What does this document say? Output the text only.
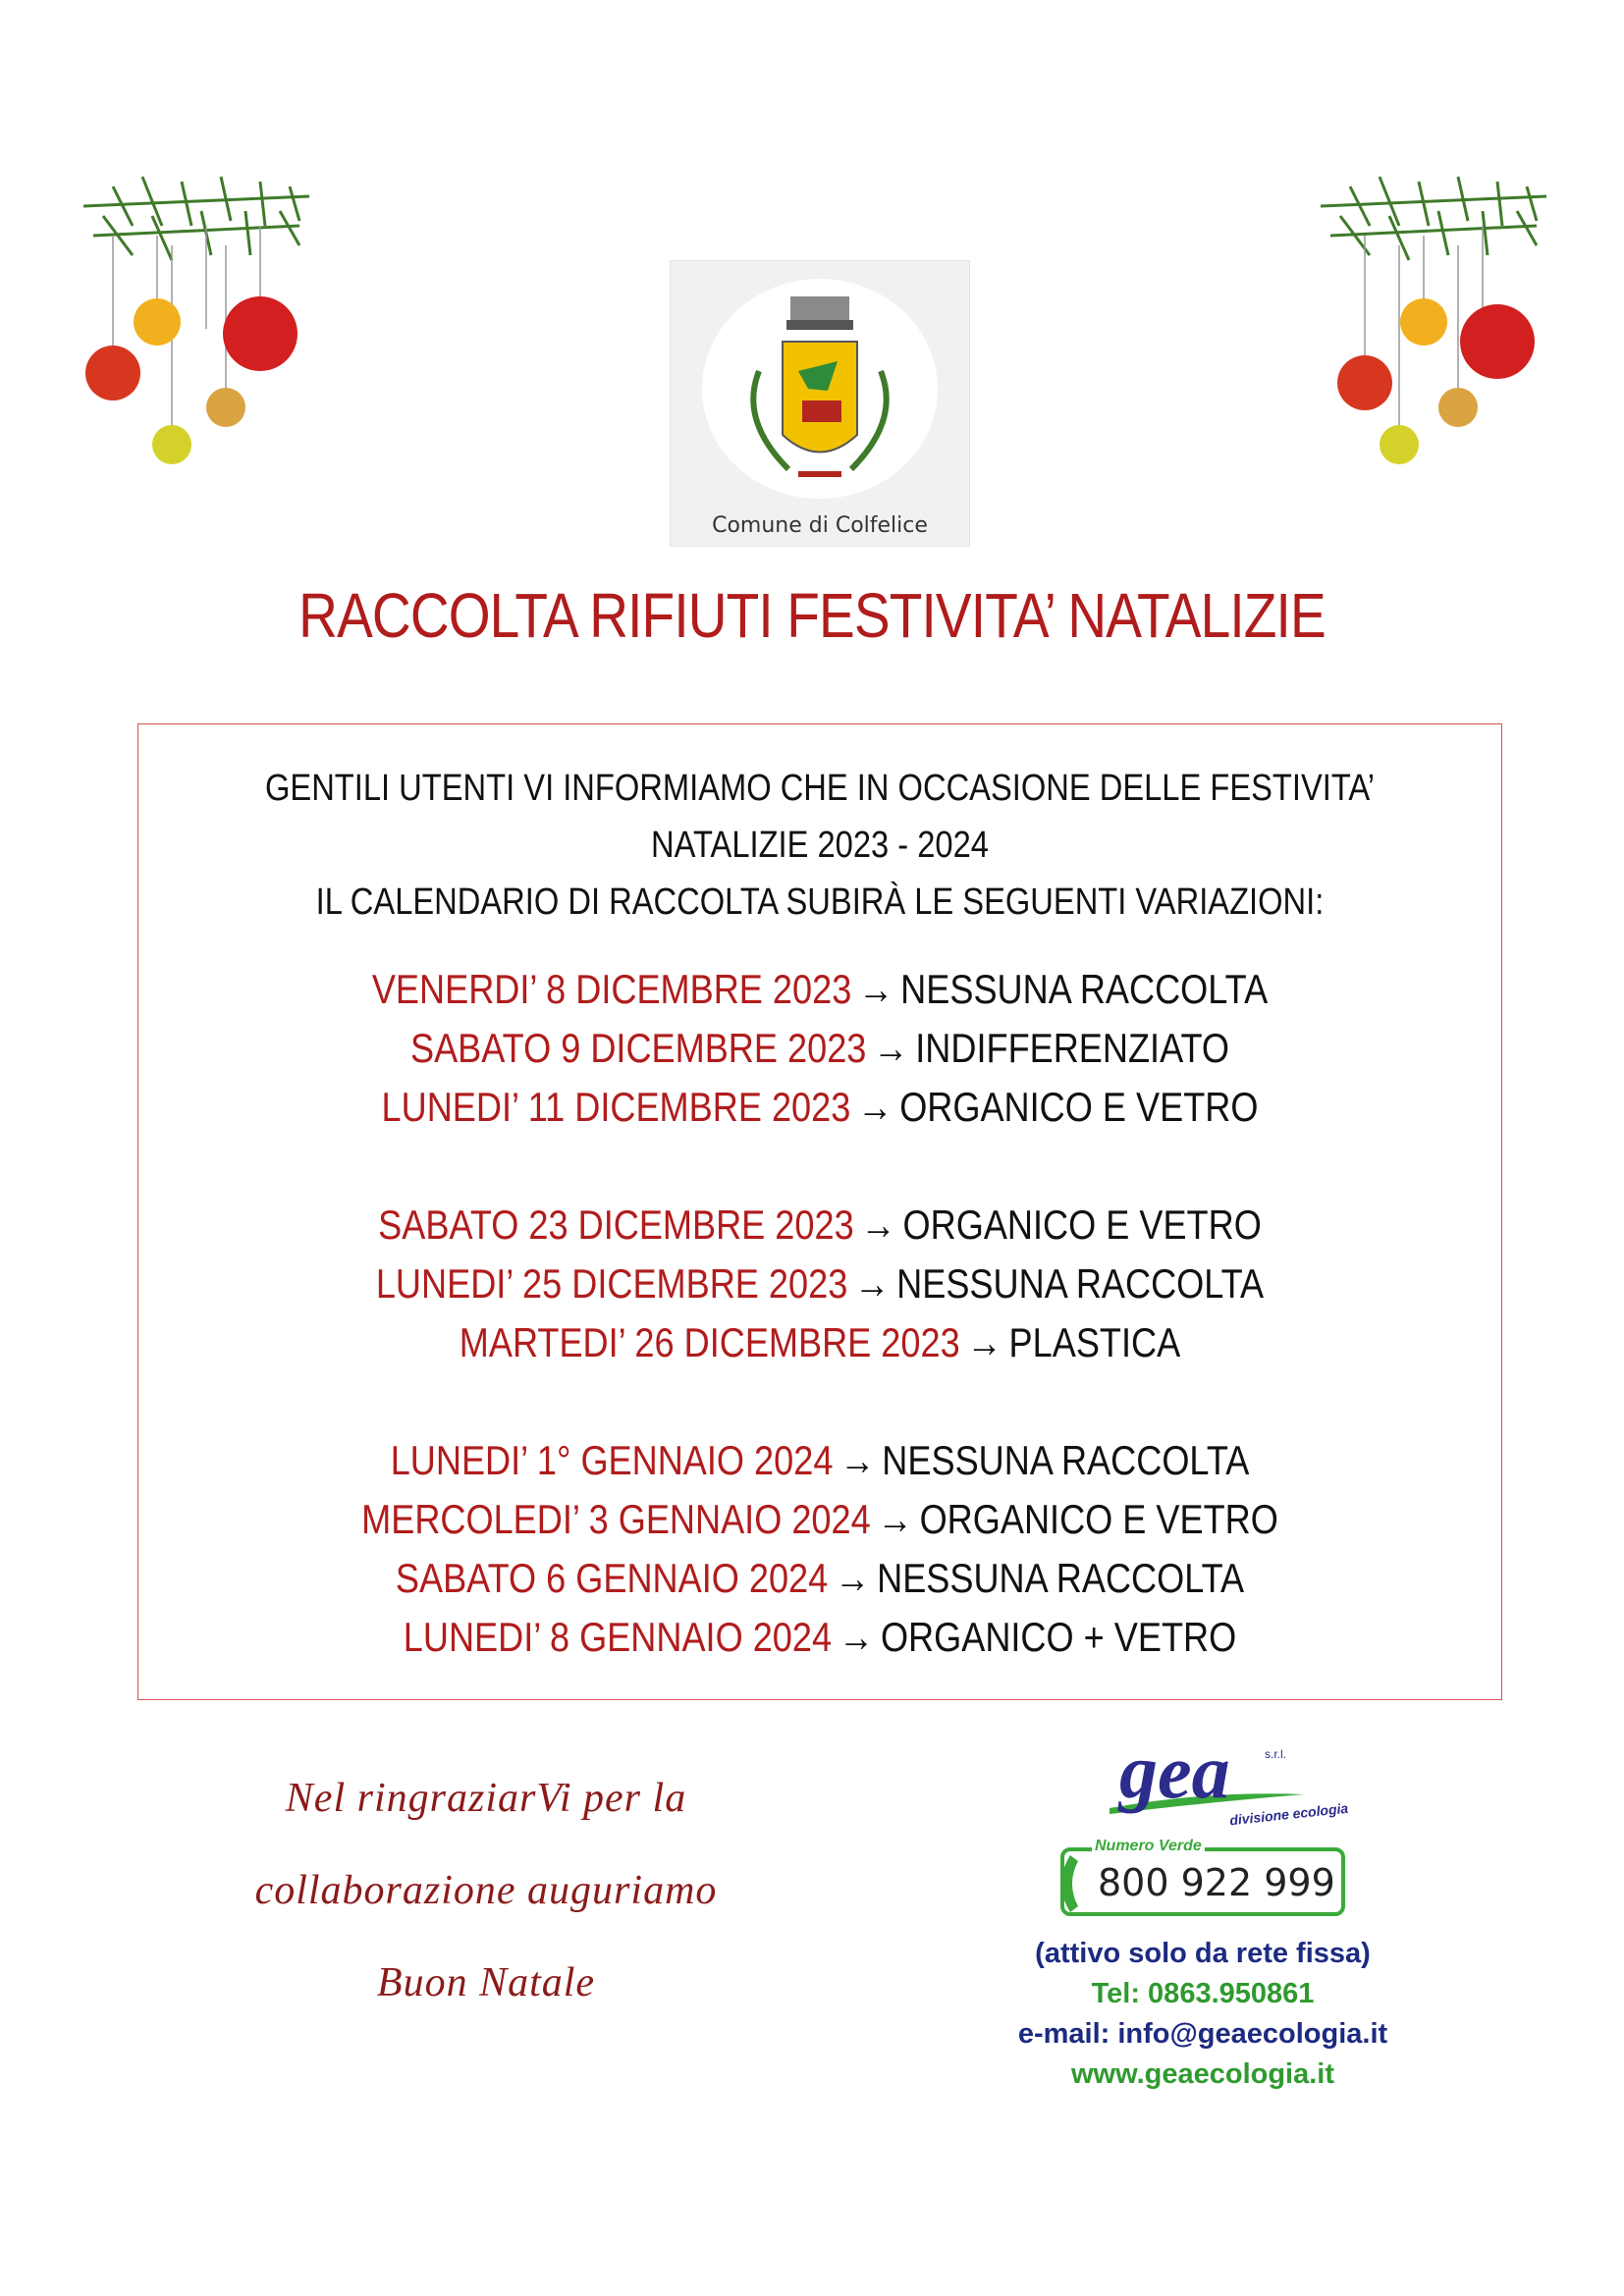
Comune di Colfelice
RACCOLTA RIFIUTI FESTIVITA’ NATALIZIE
GENTILI UTENTI VI INFORMIAMO CHE IN OCCASIONE DELLE FESTIVITA’
NATALIZIE 2023 - 2024
IL CALENDARIO DI RACCOLTA SUBIRÀ LE SEGUENTI VARIAZIONI:
VENERDI’ 8 DICEMBRE 2023 → NESSUNA RACCOLTA
SABATO 9 DICEMBRE 2023 → INDIFFERENZIATO
LUNEDI’ 11 DICEMBRE 2023 → ORGANICO E VETRO
SABATO 23 DICEMBRE 2023 → ORGANICO E VETRO
LUNEDI’ 25 DICEMBRE 2023 → NESSUNA RACCOLTA
MARTEDI’ 26 DICEMBRE 2023 → PLASTICA
LUNEDI’ 1° GENNAIO 2024 → NESSUNA RACCOLTA
MERCOLEDI’ 3 GENNAIO 2024 → ORGANICO E VETRO
SABATO 6 GENNAIO 2024 → NESSUNA RACCOLTA
LUNEDI’ 8 GENNAIO 2024 → ORGANICO + VETRO
Nel ringraziarVi per la
collaborazione auguriamo
Buon Natale
gea	s.r.l.
divisione ecologia
Numero Verde
800 922 999
(attivo solo da rete fissa)
Tel: 0863.950861
e-mail: info@geaecologia.it
www.geaecologia.it
